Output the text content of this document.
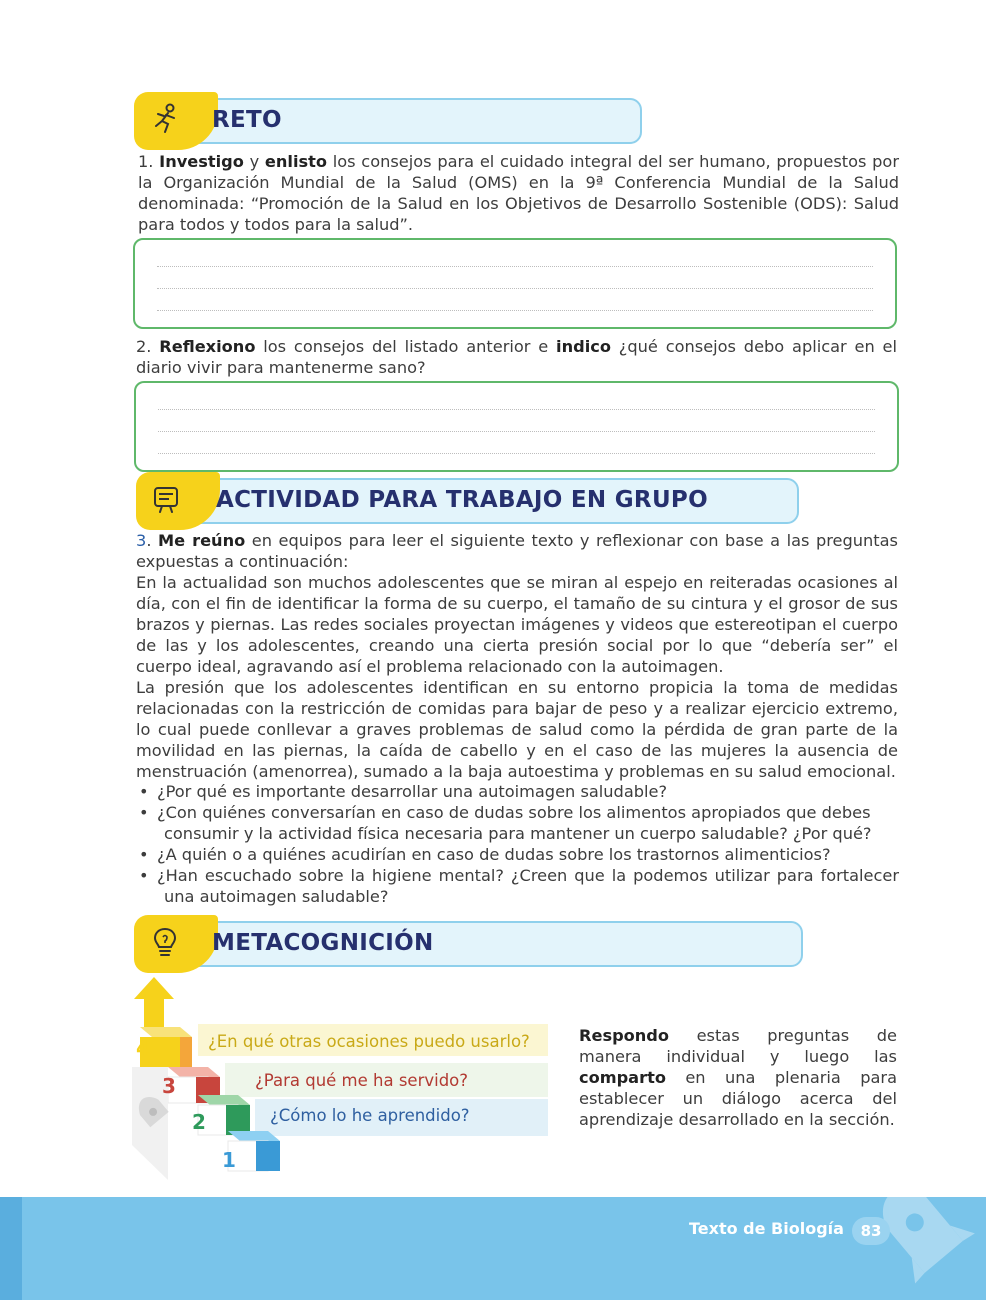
RETO
1. Investigo y enlisto los consejos para el cuidado integral del ser humano, propuestos por la Organización Mundial de la Salud (OMS) en la 9ª Conferencia Mundial de la Salud denominada: “Promoción de la Salud en los Objetivos de Desarrollo Sostenible (ODS): Salud para todos y todos para la salud”.
2. Reflexiono los consejos del listado anterior e indico ¿qué consejos debo aplicar en el diario vivir para mantenerme sano?
ACTIVIDAD PARA TRABAJO EN GRUPO
3. Me reúno en equipos para leer el siguiente texto y reflexionar con base a las preguntas expuestas a continuación:
En la actualidad son muchos adolescentes que se miran al espejo en reiteradas ocasiones al día, con el fin de identificar la forma de su cuerpo, el tamaño de su cintura y el grosor de sus brazos y piernas. Las redes sociales proyectan imágenes y videos que estereotipan el cuerpo de las y los adolescentes, creando una cierta presión social por lo que “debería ser” el cuerpo ideal, agravando así el problema relacionado con la autoimagen.
La presión que los adolescentes identifican en su entorno propicia la toma de medidas relacionadas con la restricción de comidas para bajar de peso y a realizar ejercicio extremo, lo cual puede conllevar a graves problemas de salud como la pérdida de gran parte de la movilidad en las piernas, la caída de cabello y en el caso de las mujeres la ausencia de menstruación (amenorrea), sumado a la baja autoestima y problemas en su salud emocional.
• ¿Por qué es importante desarrollar una autoimagen saludable?
• ¿Con quiénes conversarían en caso de dudas sobre los alimentos apropiados que debes consumir y la actividad física necesaria para mantener un cuerpo saludable? ¿Por qué?
• ¿A quién o a quiénes acudirían en caso de dudas sobre los trastornos alimenticios?
• ¿Han escuchado sobre la higiene mental? ¿Creen que la podemos utilizar para fortalecer una autoimagen saludable?
METACOGNICIÓN
4
3
2
1
¿En qué otras ocasiones puedo usarlo?
¿Para qué me ha servido?
¿Cómo lo he aprendido?
Respondo estas preguntas de manera individual y luego las comparto en una plenaria para establecer un diálogo acerca del aprendizaje desarrollado en la sección.
Texto de Biología	83
